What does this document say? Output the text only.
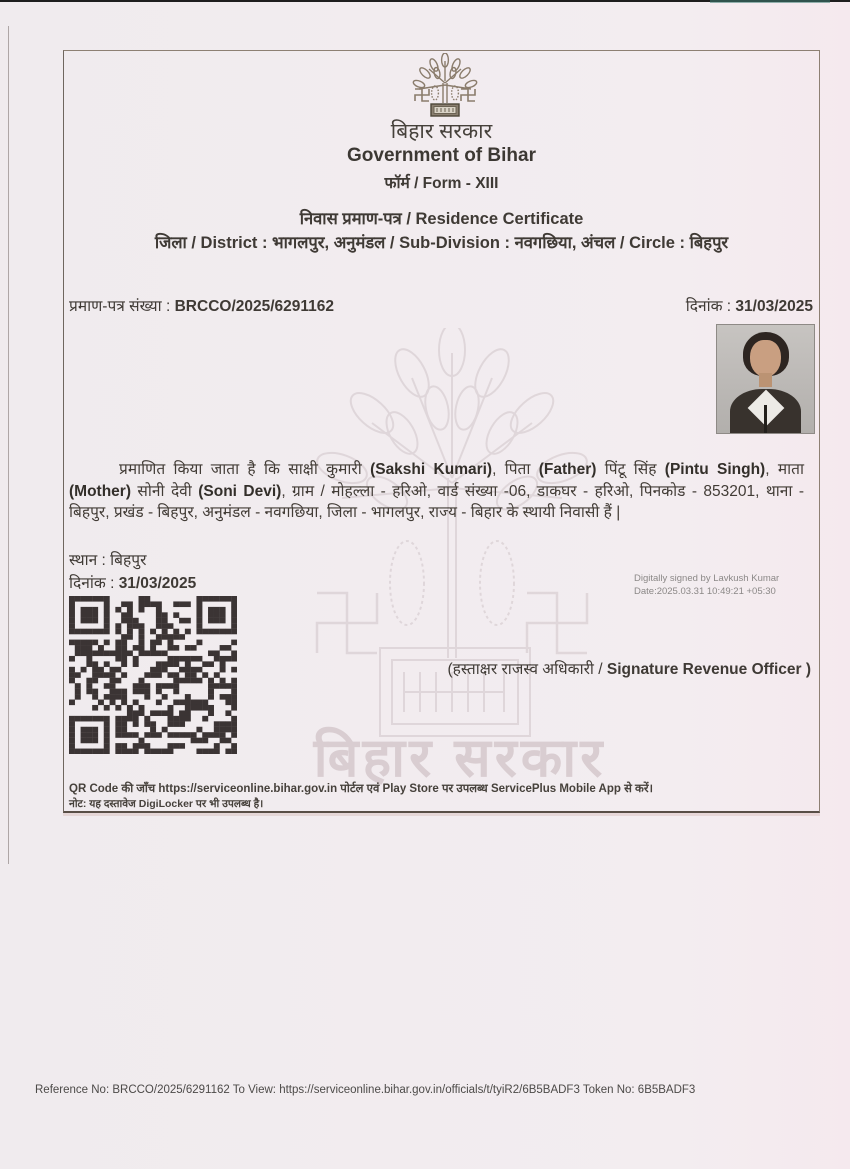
बिहार सरकार
बिहार सरकार
Government of Bihar
फॉर्म / Form - XIII
निवास प्रमाण-पत्र / Residence Certificate
जिला / District : भागलपुर, अनुमंडल / Sub-Division : नवगछिया, अंचल / Circle : बिहपुर
प्रमाण-पत्र संख्या : BRCCO/2025/6291162	दिनांक : 31/03/2025
प्रमाणित किया जाता है कि साक्षी कुमारी (Sakshi Kumari), पिता (Father) पिंटू सिंह (Pintu Singh), माता (Mother) सोनी देवी (Soni Devi), ग्राम / मोहल्ला - हरिओ, वार्ड संख्या -06, डाकघर - हरिओ, पिनकोड - 853201, थाना - बिहपुर, प्रखंड - बिहपुर, अनुमंडल - नवगछिया, जिला - भागलपुर, राज्य - बिहार के स्थायी निवासी हैं |
स्थान : बिहपुर
दिनांक : 31/03/2025	Digitally signed by Lavkush Kumar
Date:2025.03.31 10:49:21 +05:30
(हस्ताक्षर राजस्व अधिकारी / Signature Revenue Officer )
QR Code की जाँच https://serviceonline.bihar.gov.in पोर्टल एवं Play Store पर उपलब्ध ServicePlus Mobile App से करें।
नोट: यह दस्तावेज DigiLocker पर भी उपलब्ध है।
Reference No: BRCCO/2025/6291162 To View: https://serviceonline.bihar.gov.in/officials/t/tyiR2/6B5BADF3 Token No: 6B5BADF3
